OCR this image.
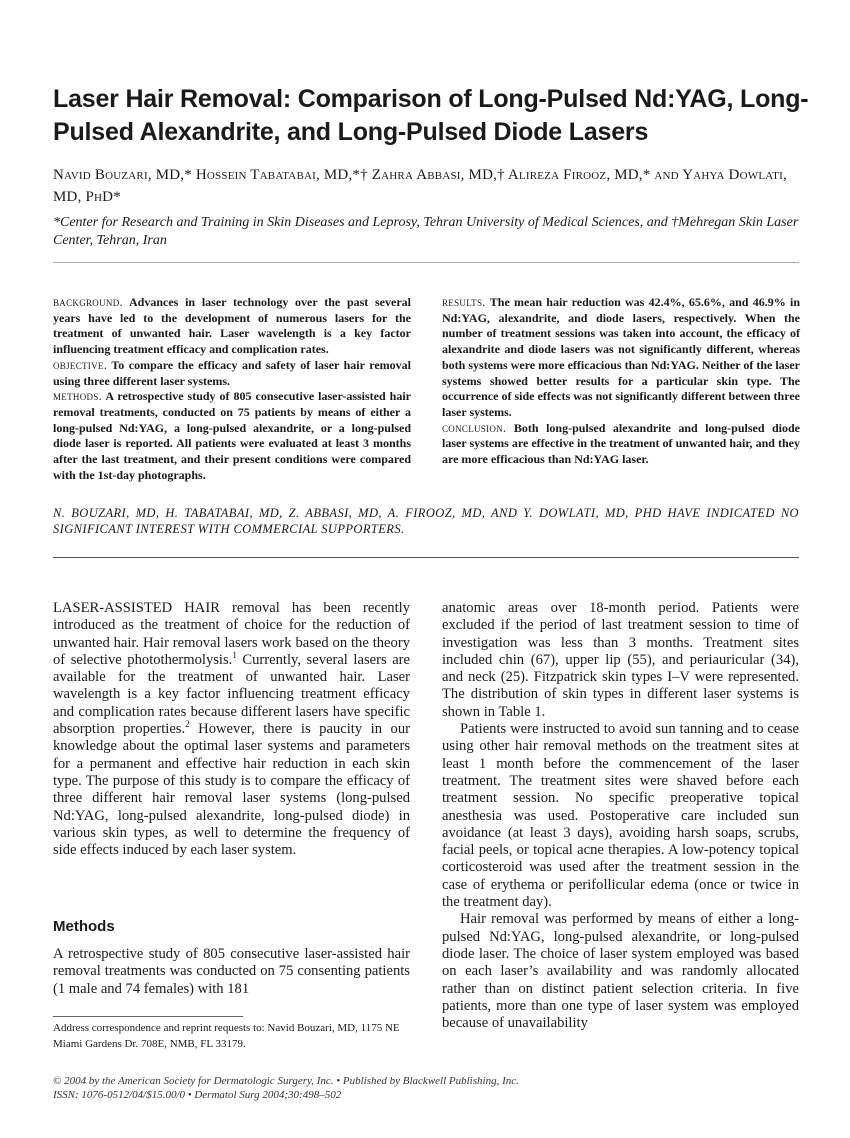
Laser Hair Removal: Comparison of Long-Pulsed Nd:YAG, Long-Pulsed Alexandrite, and Long-Pulsed Diode Lasers
Navid Bouzari, MD,* Hossein Tabatabai, MD,*† Zahra Abbasi, MD,† Alireza Firooz, MD,* and Yahya Dowlati, MD, PhD*
*Center for Research and Training in Skin Diseases and Leprosy, Tehran University of Medical Sciences, and †Mehregan Skin Laser Center, Tehran, Iran
background. Advances in laser technology over the past several years have led to the development of numerous lasers for the treatment of unwanted hair. Laser wavelength is a key factor influencing treatment efficacy and complication rates.
objective. To compare the efficacy and safety of laser hair removal using three different laser systems.
methods. A retrospective study of 805 consecutive laser-assisted hair removal treatments, conducted on 75 patients by means of either a long-pulsed Nd:YAG, a long-pulsed alexandrite, or a long-pulsed diode laser is reported. All patients were evaluated at least 3 months after the last treatment, and their present conditions were compared with the 1st-day photographs.
results. The mean hair reduction was 42.4%, 65.6%, and 46.9% in Nd:YAG, alexandrite, and diode lasers, respectively. When the number of treatment sessions was taken into account, the efficacy of alexandrite and diode lasers was not significantly different, whereas both systems were more efficacious than Nd:YAG. Neither of the laser systems showed better results for a particular skin type. The occurrence of side effects was not significantly different between three laser systems.
conclusion. Both long-pulsed alexandrite and long-pulsed diode laser systems are effective in the treatment of unwanted hair, and they are more efficacious than Nd:YAG laser.
N. BOUZARI, MD, H. TABATABAI, MD, Z. ABBASI, MD, A. FIROOZ, MD, AND Y. DOWLATI, MD, PHD HAVE INDICATED NO SIGNIFICANT INTEREST WITH COMMERCIAL SUPPORTERS.

LASER-ASSISTED HAIR removal has been recently introduced as the treatment of choice for the reduction of unwanted hair. Hair removal lasers work based on the theory of selective photothermolysis.$^1$ Currently, several lasers are available for the treatment of unwanted hair. Laser wavelength is a key factor influencing treatment efficacy and complication rates because different lasers have specific absorption properties.$^2$ However, there is paucity in our knowledge about the optimal laser systems and parameters for a permanent and effective hair reduction in each skin type. The purpose of this study is to compare the efficacy of three different hair removal laser systems (long-pulsed Nd:YAG, long-pulsed alexandrite, long-pulsed diode) in various skin types, as well to determine the frequency of side effects induced by each laser system.

Methods
A retrospective study of 805 consecutive laser-assisted hair removal treatments was conducted on 75 consenting patients (1 male and 74 females) with 181
Address correspondence and reprint requests to: Navid Bouzari, MD, 1175 NE Miami Gardens Dr. 708E, NMB, FL 33179.

anatomic areas over 18-month period. Patients were excluded if the period of last treatment session to time of investigation was less than 3 months. Treatment sites included chin (67), upper lip (55), and periauricular (34), and neck (25). Fitzpatrick skin types I–V were represented. The distribution of skin types in different laser systems is shown in Table 1.

Patients were instructed to avoid sun tanning and to cease using other hair removal methods on the treatment sites at least 1 month before the commencement of the laser treatment. The treatment sites were shaved before each treatment session. No specific preoperative topical anesthesia was used. Postoperative care included sun avoidance (at least 3 days), avoiding harsh soaps, scrubs, facial peels, or topical acne therapies. A low-potency topical corticosteroid was used after the treatment session in the case of erythema or perifollicular edema (once or twice in the treatment day).

Hair removal was performed by means of either a long-pulsed Nd:YAG, long-pulsed alexandrite, or long-pulsed diode laser. The choice of laser system employed was based on each laser’s availability and was randomly allocated rather than on distinct patient selection criteria. In five patients, more than one type of laser system was employed because of unavailability

© 2004 by the American Society for Dermatologic Surgery, Inc. • Published by Blackwell Publishing, Inc.
ISSN: 1076-0512/04/$15.00/0 • Dermatol Surg 2004;30:498–502
